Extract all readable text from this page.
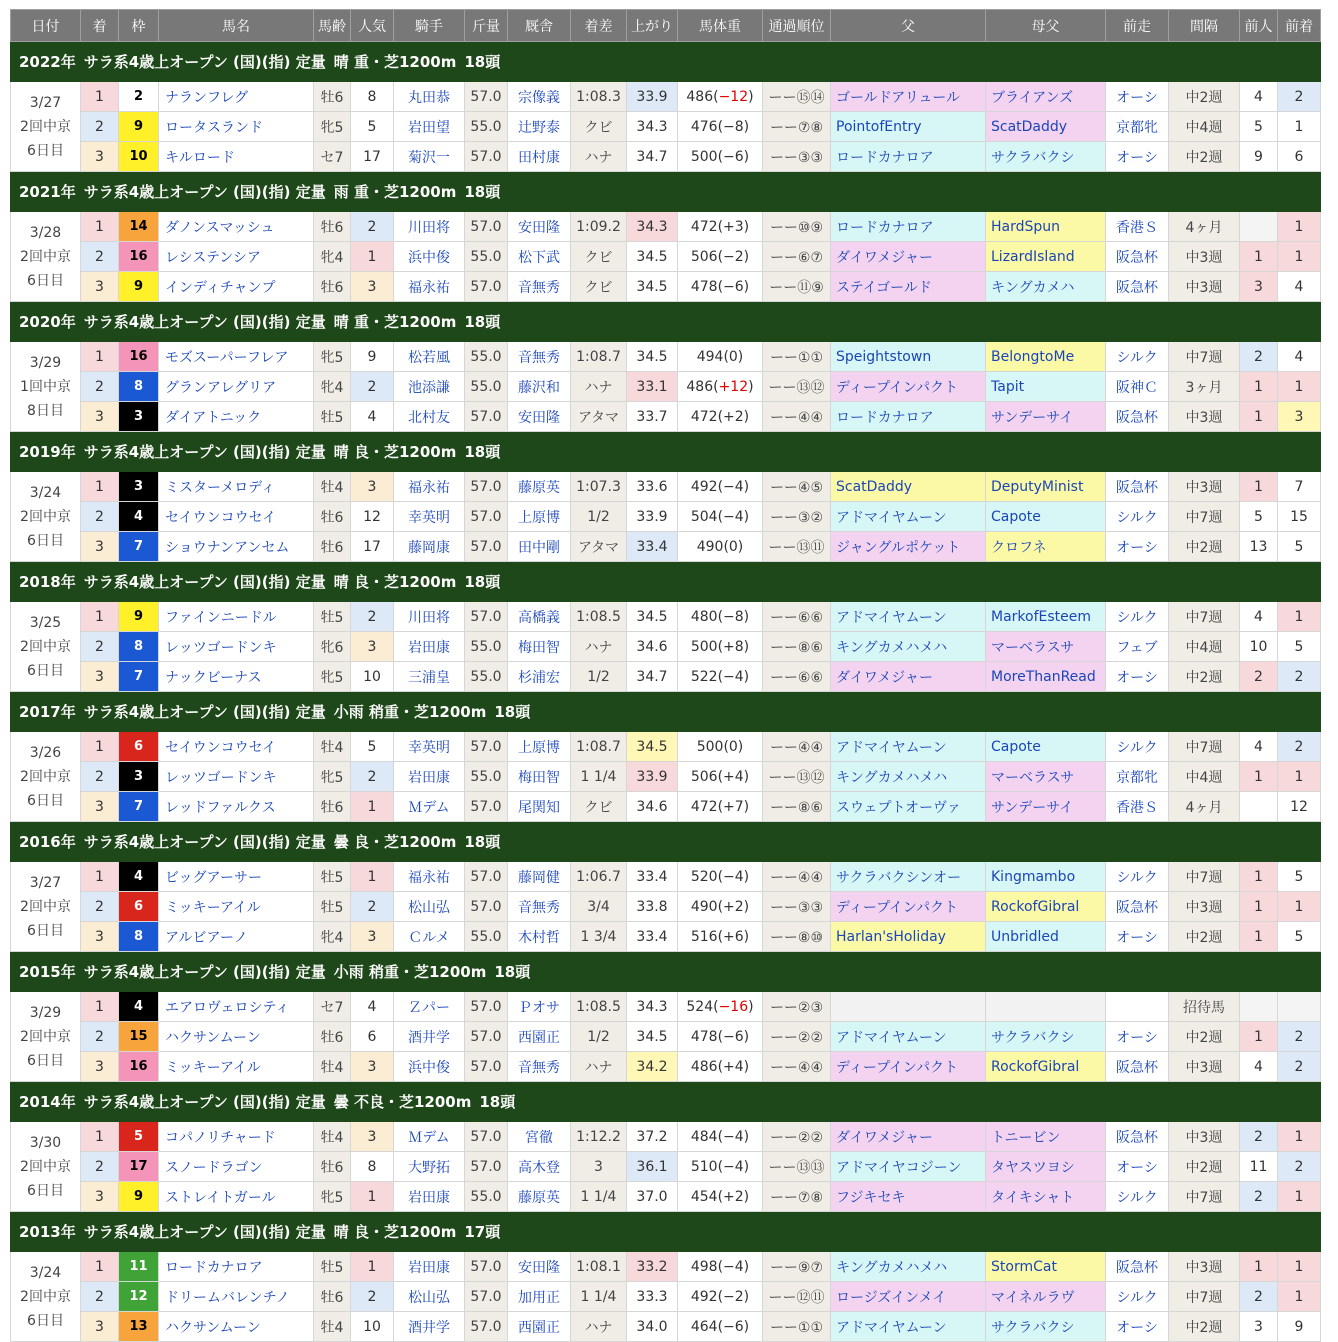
日付	着	枠	馬名	馬齢	人気	騎手	斤量	厩舎	着差	上がり	馬体重	通過順位	父	母父	前走	間隔	前人	前着
2022年 サラ系4歳上オープン (国)(指) 定量 晴 重・芝1200m 18頭																		

3/27
2回中京
6日目	1	2	ナランフレグ	牡6	8	丸田恭	57.0	宗像義	1:08.3	33.9	486(−12)	ーー⑮⑭	ゴールドアリュール	ブライアンズ	オーシ	中2週	4	2
	2	9	ロータスランド	牝5	5	岩田望	55.0	辻野泰	クビ	34.3	476(−8)	ーー⑦⑧	PointofEntry	ScatDaddy	京都牝	中4週	5	1
	3	10	キルロード	セ7	17	菊沢一	57.0	田村康	ハナ	34.7	500(−6)	ーー③③	ロードカナロア	サクラバクシ	オーシ	中2週	9	6
2021年 サラ系4歳上オープン (国)(指) 定量 雨 重・芝1200m 18頭																		

3/28
2回中京
6日目	1	14	ダノンスマッシュ	牡6	2	川田将	57.0	安田隆	1:09.2	34.3	472(+3)	ーー⑩⑨	ロードカナロア	HardSpun	香港Ｓ	4ヶ月		1
	2	16	レシステンシア	牝4	1	浜中俊	55.0	松下武	クビ	34.5	506(−2)	ーー⑥⑦	ダイワメジャー	LizardIsland	阪急杯	中3週	1	1
	3	9	インディチャンプ	牡6	3	福永祐	57.0	音無秀	クビ	34.5	478(−6)	ーー⑪⑨	ステイゴールド	キングカメハ	阪急杯	中3週	3	4
2020年 サラ系4歳上オープン (国)(指) 定量 晴 重・芝1200m 18頭																		

3/29
1回中京
8日目	1	16	モズスーパーフレア	牝5	9	松若風	55.0	音無秀	1:08.7	34.5	494(0)	ーー①①	Speightstown	BelongtoMe	シルク	中7週	2	4
	2	8	グランアレグリア	牝4	2	池添謙	55.0	藤沢和	ハナ	33.1	486(+12)	ーー⑬⑫	ディープインパクト	Tapit	阪神Ｃ	3ヶ月	1	1
	3	3	ダイアトニック	牡5	4	北村友	57.0	安田隆	アタマ	33.7	472(+2)	ーー④④	ロードカナロア	サンデーサイ	阪急杯	中3週	1	3
2019年 サラ系4歳上オープン (国)(指) 定量 晴 良・芝1200m 18頭																		

3/24
2回中京
6日目	1	3	ミスターメロディ	牡4	3	福永祐	57.0	藤原英	1:07.3	33.6	492(−4)	ーー④⑤	ScatDaddy	DeputyMinist	阪急杯	中3週	1	7
	2	4	セイウンコウセイ	牡6	12	幸英明	57.0	上原博	1/2	33.9	504(−4)	ーー③②	アドマイヤムーン	Capote	シルク	中7週	5	15
	3	7	ショウナンアンセム	牡6	17	藤岡康	57.0	田中剛	アタマ	33.4	490(0)	ーー⑬⑪	ジャングルポケット	クロフネ	オーシ	中2週	13	5
2018年 サラ系4歳上オープン (国)(指) 定量 晴 良・芝1200m 18頭																		

3/25
2回中京
6日目	1	9	ファインニードル	牡5	2	川田将	57.0	高橋義	1:08.5	34.5	480(−8)	ーー⑥⑥	アドマイヤムーン	MarkofEsteem	シルク	中7週	4	1
	2	8	レッツゴードンキ	牝6	3	岩田康	55.0	梅田智	ハナ	34.6	500(+8)	ーー⑧⑥	キングカメハメハ	マーベラスサ	フェブ	中4週	10	5
	3	7	ナックビーナス	牝5	10	三浦皇	55.0	杉浦宏	1/2	34.7	522(−4)	ーー⑥⑥	ダイワメジャー	MoreThanRead	オーシ	中2週	2	2
2017年 サラ系4歳上オープン (国)(指) 定量 小雨 稍重・芝1200m 18頭																		

3/26
2回中京
6日目	1	6	セイウンコウセイ	牡4	5	幸英明	57.0	上原博	1:08.7	34.5	500(0)	ーー④④	アドマイヤムーン	Capote	シルク	中7週	4	2
	2	3	レッツゴードンキ	牝5	2	岩田康	55.0	梅田智	1 1/4	33.9	506(+4)	ーー⑬⑫	キングカメハメハ	マーベラスサ	京都牝	中4週	1	1
	3	7	レッドファルクス	牡6	1	Ｍデム	57.0	尾関知	クビ	34.6	472(+7)	ーー⑧⑥	スウェプトオーヴァ	サンデーサイ	香港Ｓ	4ヶ月		12
2016年 サラ系4歳上オープン (国)(指) 定量 曇 良・芝1200m 18頭																		

3/27
2回中京
6日目	1	4	ビッグアーサー	牡5	1	福永祐	57.0	藤岡健	1:06.7	33.4	520(−4)	ーー④④	サクラバクシンオー	Kingmambo	シルク	中7週	1	5
	2	6	ミッキーアイル	牡5	2	松山弘	57.0	音無秀	3/4	33.8	490(+2)	ーー③③	ディープインパクト	RockofGibral	阪急杯	中3週	1	1
	3	8	アルビアーノ	牝4	3	Ｃルメ	55.0	木村哲	1 3/4	33.4	516(+6)	ーー⑧⑩	Harlan'sHoliday	Unbridled	オーシ	中2週	1	5
2015年 サラ系4歳上オープン (国)(指) 定量 小雨 稍重・芝1200m 18頭																		

3/29
2回中京
6日目	1	4	エアロヴェロシティ	セ7	4	Ｚパー	57.0	Ｐオサ	1:08.5	34.3	524(−16)	ーー②③				招待馬		
	2	15	ハクサンムーン	牡6	6	酒井学	57.0	西園正	1/2	34.5	478(−6)	ーー②②	アドマイヤムーン	サクラバクシ	オーシ	中2週	1	2
	3	16	ミッキーアイル	牡4	3	浜中俊	57.0	音無秀	ハナ	34.2	486(+4)	ーー④④	ディープインパクト	RockofGibral	阪急杯	中3週	4	2
2014年 サラ系4歳上オープン (国)(指) 定量 曇 不良・芝1200m 18頭																		

3/30
2回中京
6日目	1	5	コパノリチャード	牡4	3	Ｍデム	57.0	宮徹	1:12.2	37.2	484(−4)	ーー②②	ダイワメジャー	トニービン	阪急杯	中3週	2	1
	2	17	スノードラゴン	牡6	8	大野拓	57.0	高木登	3	36.1	510(−4)	ーー⑬⑬	アドマイヤコジーン	タヤスツヨシ	オーシ	中2週	11	2
	3	9	ストレイトガール	牝5	1	岩田康	55.0	藤原英	1 1/4	37.0	454(+2)	ーー⑦⑧	フジキセキ	タイキシャト	シルク	中7週	2	1
2013年 サラ系4歳上オープン (国)(指) 定量 晴 良・芝1200m 17頭																		

3/24
2回中京
6日目	1	11	ロードカナロア	牡5	1	岩田康	57.0	安田隆	1:08.1	33.2	498(−4)	ーー⑨⑦	キングカメハメハ	StormCat	阪急杯	中3週	1	1
	2	12	ドリームバレンチノ	牡6	2	松山弘	57.0	加用正	1 1/4	33.3	492(−2)	ーー⑫⑪	ロージズインメイ	マイネルラヴ	シルク	中7週	2	1
	3	13	ハクサンムーン	牡4	10	酒井学	57.0	西園正	ハナ	34.0	464(−6)	ーー①①	アドマイヤムーン	サクラバクシ	オーシ	中2週	3	9
